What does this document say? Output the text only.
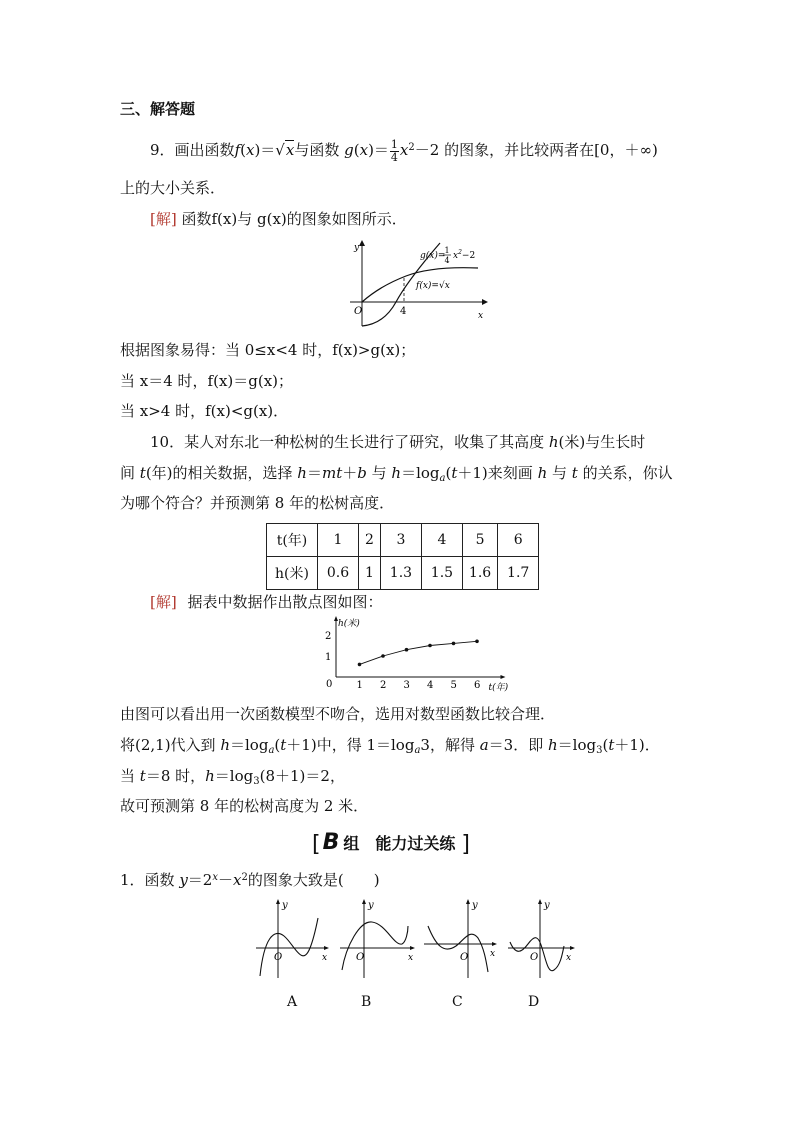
三、解答题
9．画出函数f(x)＝√x与函数 $g(x)= \frac{1}{4} x^2-2$ 的图象，并比较两者在[0，＋∞)
上的大小关系．
[解] 函数f(x)与 g(x)的图象如图所示．
y
x
O	4
g(x)=
1
4 $x^2-2$
f(x)=√x
根据图象易得：当 0≤x<4 时，f(x)>g(x)；
当 x＝4 时，f(x)＝g(x)；
当 x>4 时，f(x)<g(x)．
10．某人对东北一种松树的生长进行了研究，收集了其高度 h(米)与生长时
间 t(年)的相关数据，选择 h＝mt＋b 与 $h=\log_a(t+1)$来刻画 h 与 t 的关系，你认
为哪个符合？并预测第 8 年的松树高度．
t(年)	1	2	3	4	5	6
h(米)	0.6	1	1.3	1.5	1.6	1.7
[解] 据表中数据作出散点图如图：
0 1 2 3 4 5 6
1
2
t(年)
h(米)
由图可以看出用一次函数模型不吻合，选用对数型函数比较合理．
将(2,1)代入到 $h=\log_a(t+1)$中，得 $1=\log_a3$，解得 a＝3．即 $h=\log_3(t+1)$．
当 t＝8 时，$h=\log_3(8+1)=2$，
故可预测第 8 年的松树高度为 2 米．
[B 组　能力过关练 ]
1．函数 $y=2^x-x^2$的图象大致是(　　)
y
x
O
y
x
O
y
x
O
y
x
O
A	B	C	D
